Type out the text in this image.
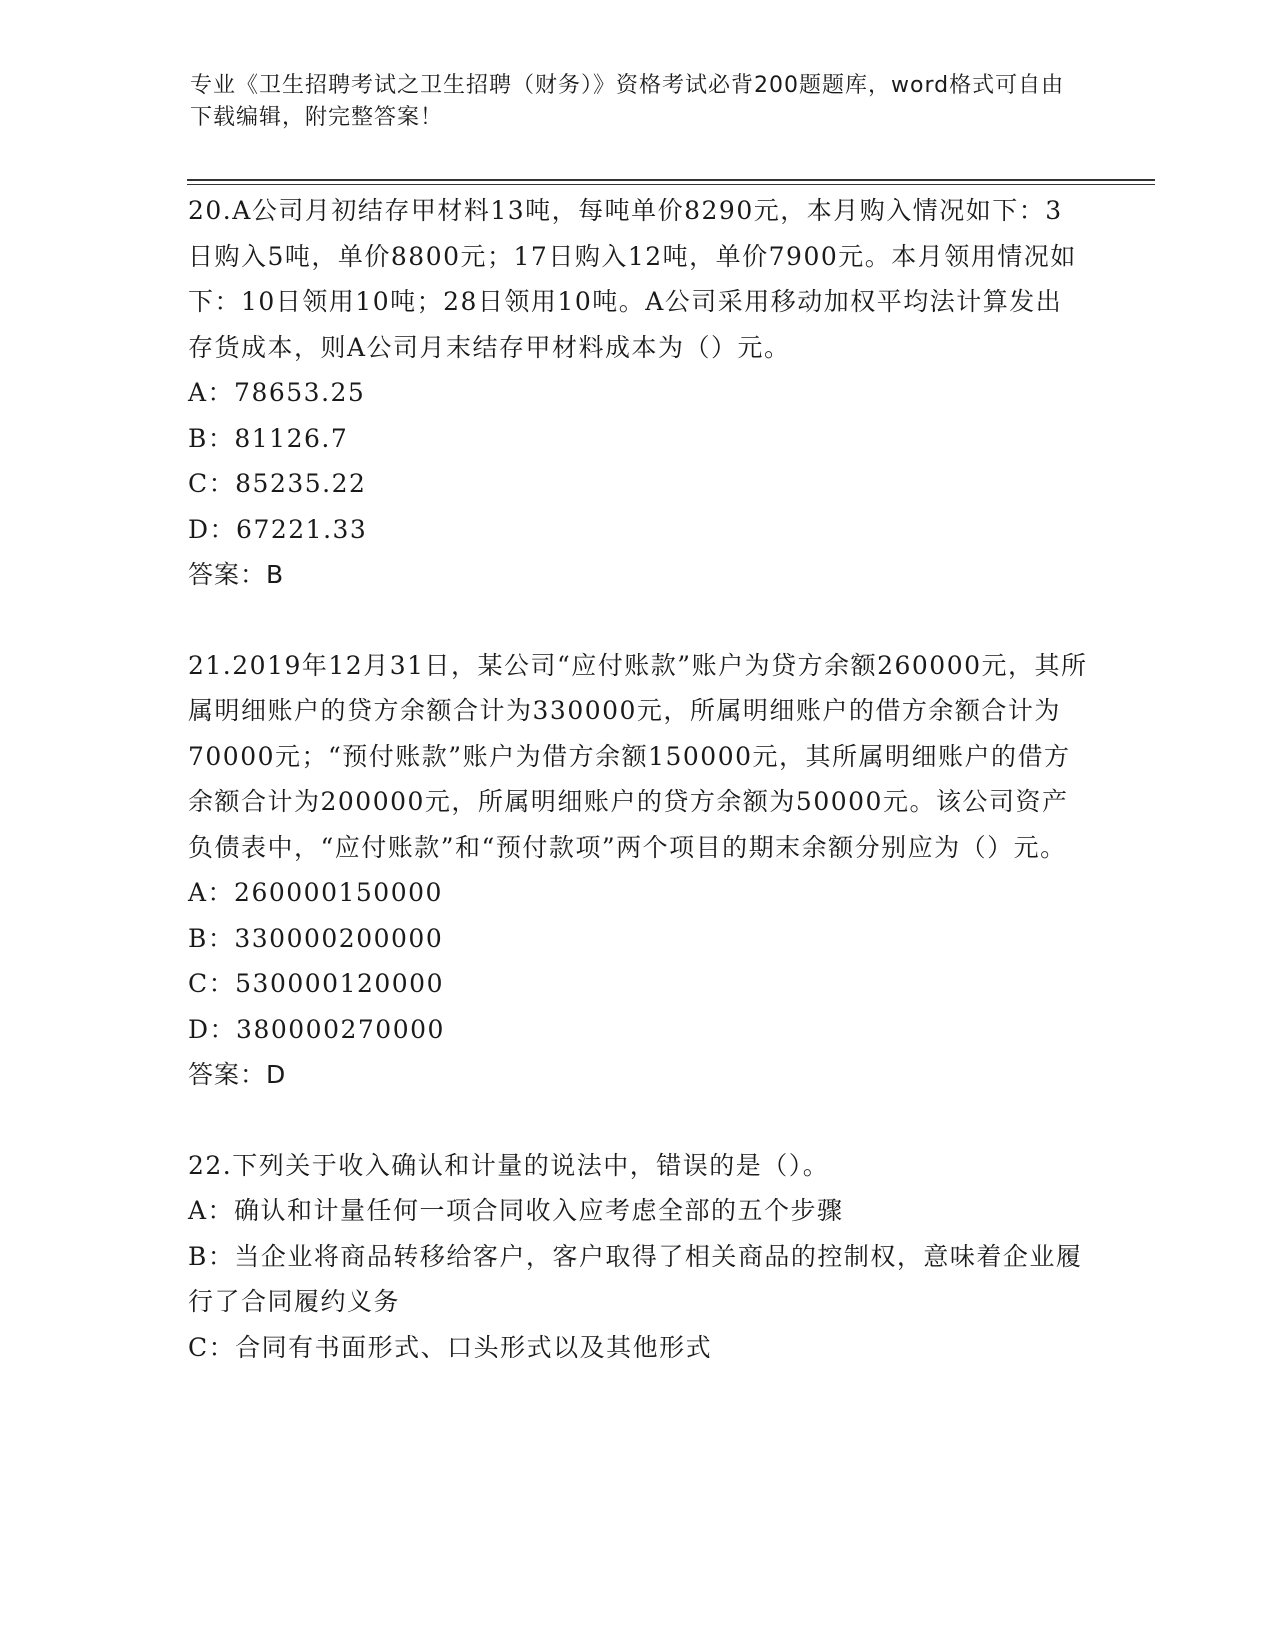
专业《卫生招聘考试之卫生招聘（财务）》资格考试必背200题题库，word格式可自由下载编辑，附完整答案！

20.A公司月初结存甲材料13吨，每吨单价8290元，本月购入情况如下：3日购入5吨，单价8800元；17日购入12吨，单价7900元。本月领用情况如下：10日领用10吨；28日领用10吨。A公司采用移动加权平均法计算发出存货成本，则A公司月末结存甲材料成本为（）元。

A：78653.25

B：81126.7

C：85235.22

D：67221.33

答案：B

21.2019年12月31日，某公司“应付账款”账户为贷方余额260000元，其所属明细账户的贷方余额合计为330000元，所属明细账户的借方余额合计为70000元；“预付账款”账户为借方余额150000元，其所属明细账户的借方余额合计为200000元，所属明细账户的贷方余额为50000元。该公司资产负债表中，“应付账款”和“预付款项”两个项目的期末余额分别应为（）元。

A：260000150000

B：330000200000

C：530000120000

D：380000270000

答案：D

22.下列关于收入确认和计量的说法中，错误的是（）。

A：确认和计量任何一项合同收入应考虑全部的五个步骤

B：当企业将商品转移给客户，客户取得了相关商品的控制权，意味着企业履行了合同履约义务

C：合同有书面形式、口头形式以及其他形式
